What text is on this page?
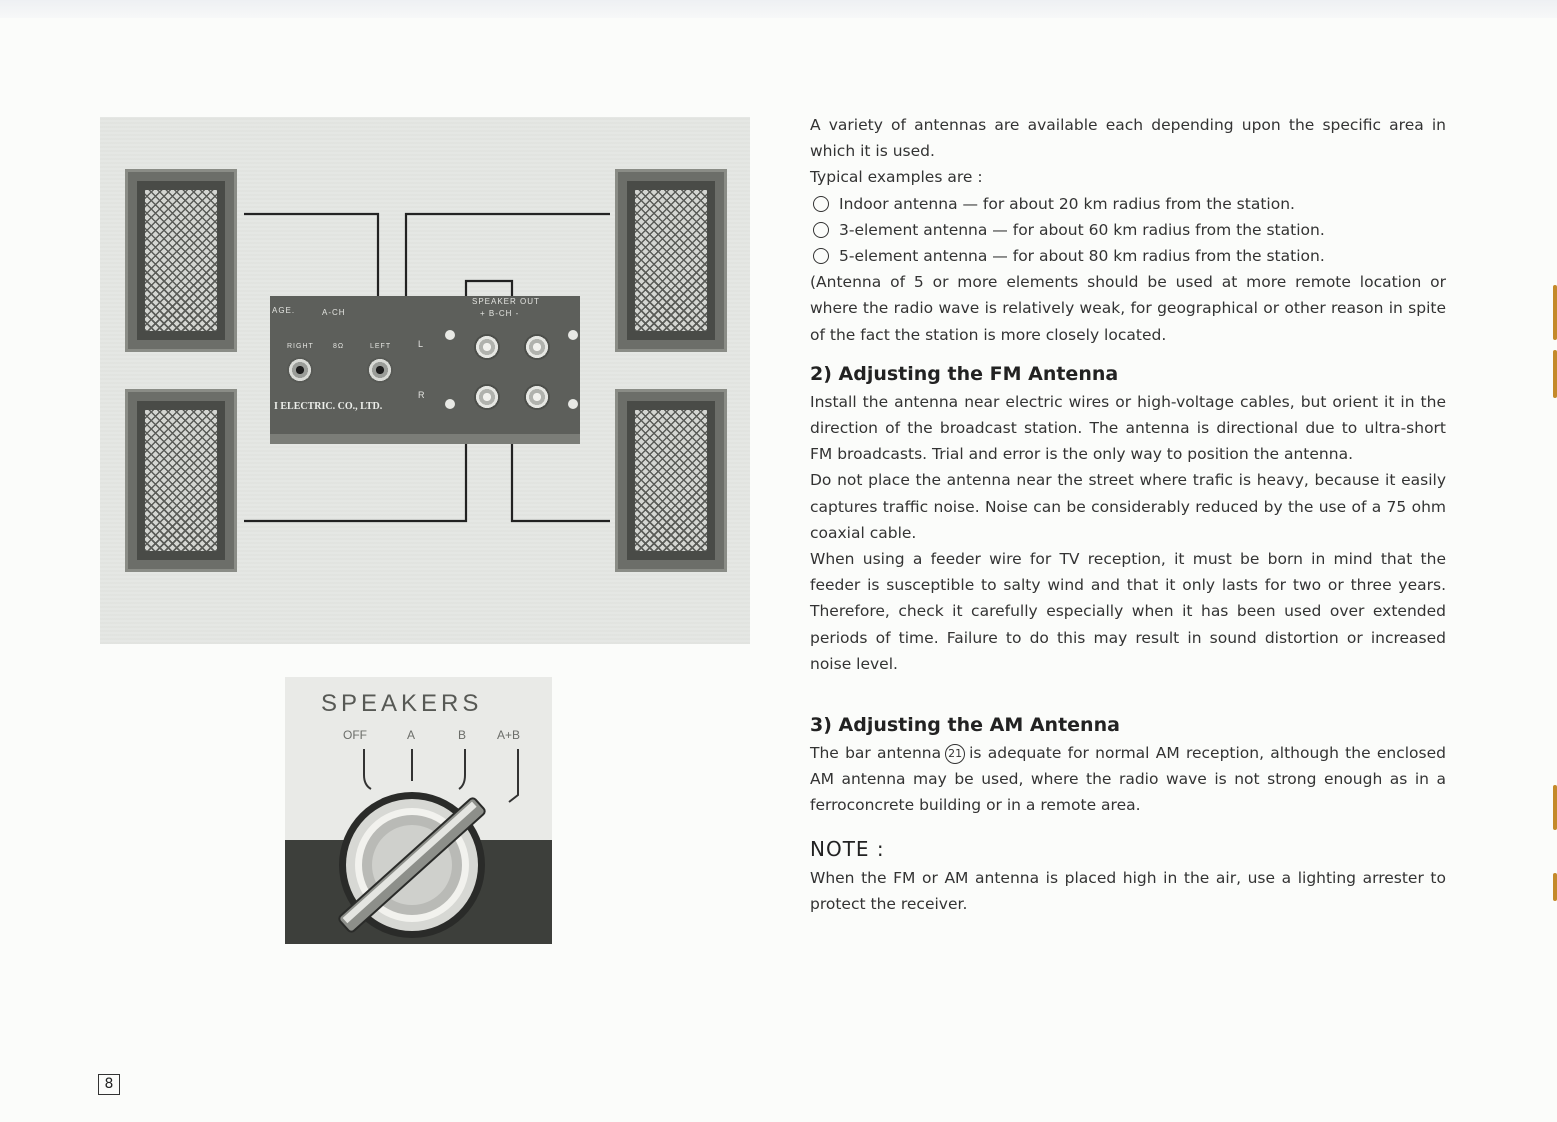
AGE.	A-CH
SPEAKER OUT
+ B-CH -
RIGHT	8Ω	LEFT	L
R
I ELECTRIC. CO., LTD.
SPEAKERS
OFF	A	B	A+B

A variety of antennas are available each depending upon the specific area in which it is used.

Typical examples are :

Indoor antenna — for about 20 km radius from the station.
3-element antenna — for about 60 km radius from the station.
5-element antenna — for about 80 km radius from the station.

(Antenna of 5 or more elements should be used at more remote location or where the radio wave is relatively weak, for geographical or other reason in spite of the fact the station is more closely located.

2) Adjusting the FM Antenna

Install the antenna near electric wires or high-voltage cables, but orient it in the direction of the broadcast station. The antenna is directional due to ultra-short FM broadcasts. Trial and error is the only way to position the antenna.

Do not place the antenna near the street where trafic is heavy, because it easily captures traffic noise. Noise can be considerably reduced by the use of a 75 ohm coaxial cable.

When using a feeder wire for TV reception, it must be born in mind that the feeder is susceptible to salty wind and that it only lasts for two or three years. Therefore, check it carefully especially when it has been used over extended periods of time. Failure to do this may result in sound distortion or increased noise level.

3) Adjusting the AM Antenna

The bar antenna 21 is adequate for normal AM reception, although the enclosed AM antenna may be used, where the radio wave is not strong enough as in a ferroconcrete building or in a remote area.

NOTE :

When the FM or AM antenna is placed high in the air, use a lighting arrester to protect the receiver.

8
